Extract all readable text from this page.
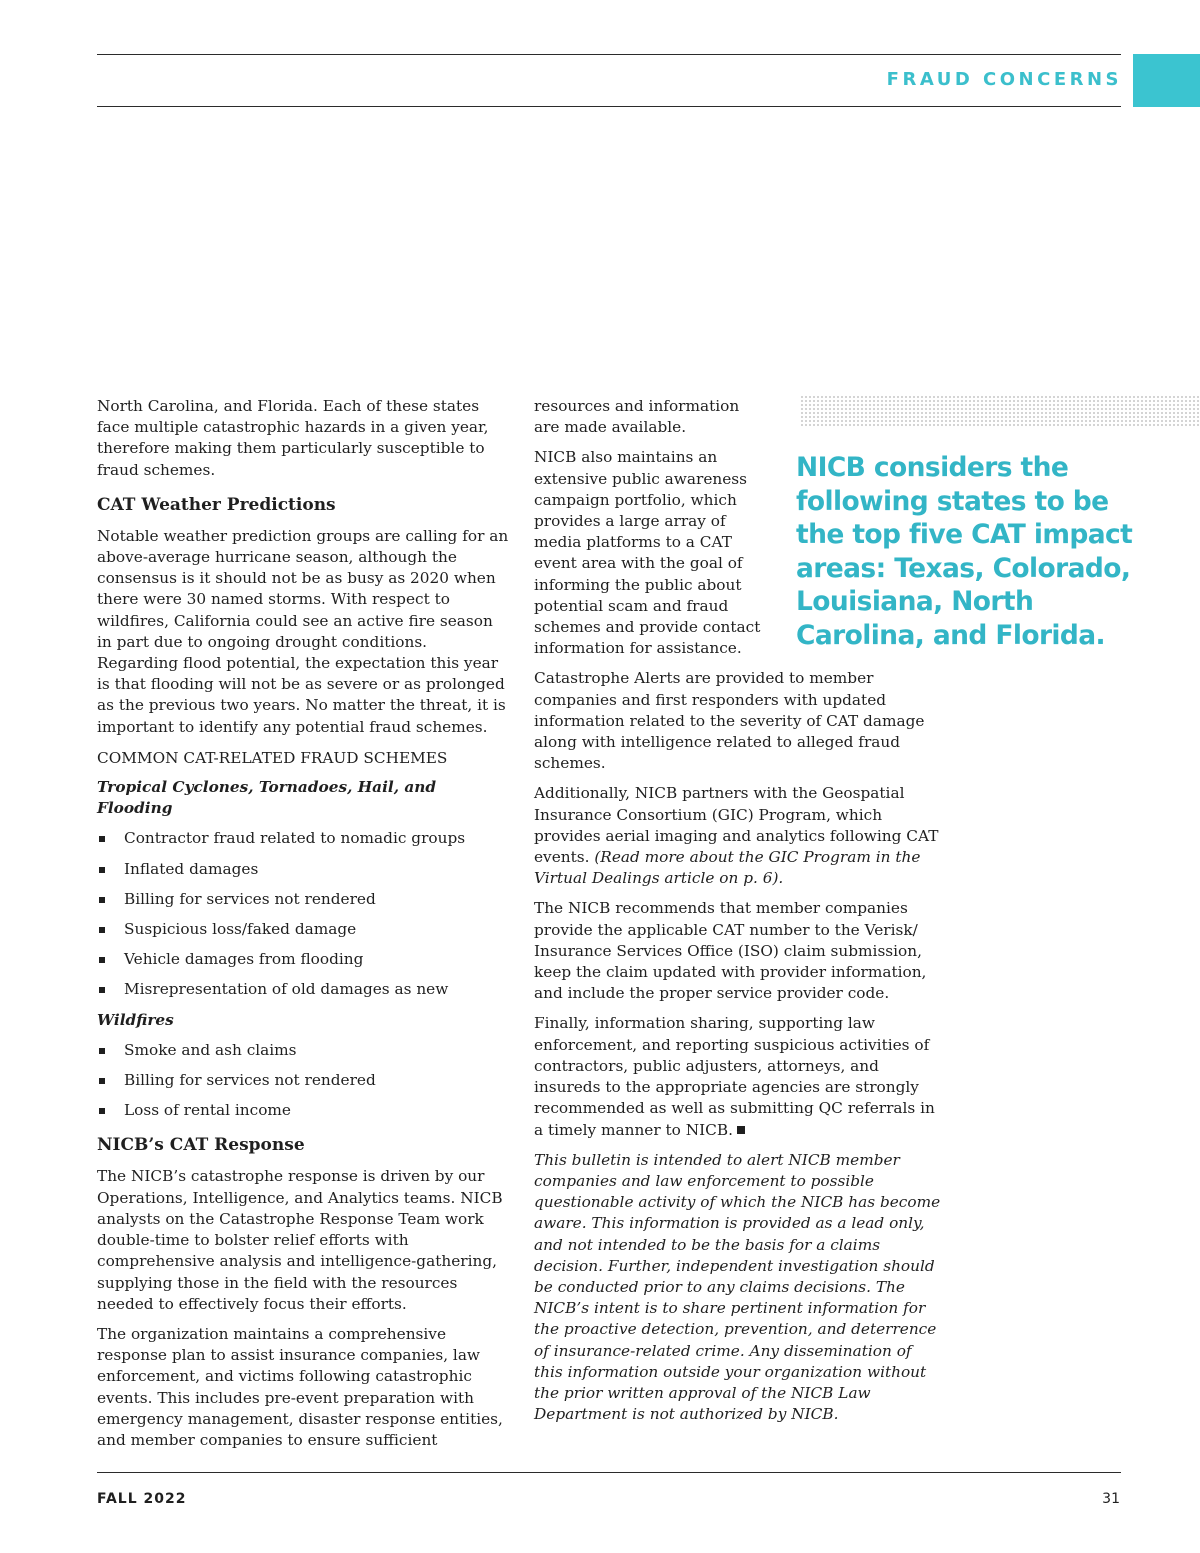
FRAUD CONCERNS

North Carolina, and Florida. Each of these states face multiple catastrophic hazards in a given year, therefore making them particularly susceptible to fraud schemes.

CAT Weather Predictions

Notable weather prediction groups are calling for an above-average hurricane season, although the consensus is it should not be as busy as 2020 when there were 30 named storms. With respect to wildfires, California could see an active fire season in part due to ongoing drought conditions. Regarding flood potential, the expectation this year is that flooding will not be as severe or as prolonged as the previous two years. No matter the threat, it is important to identify any potential fraud schemes.

COMMON CAT-RELATED FRAUD SCHEMES

Tropical Cyclones, Tornadoes, Hail, and Flooding

Contractor fraud related to nomadic groups
Inflated damages
Billing for services not rendered
Suspicious loss/faked damage
Vehicle damages from flooding
Misrepresentation of old damages as new

Wildfires

Smoke and ash claims
Billing for services not rendered
Loss of rental income
NICB’s CAT Response

The NICB’s catastrophe response is driven by our Operations, Intelligence, and Analytics teams. NICB analysts on the Catastrophe Response Team work double-time to bolster relief efforts with comprehensive analysis and intelligence-gathering, supplying those in the field with the resources needed to effectively focus their efforts.

The organization maintains a comprehensive response plan to assist insurance companies, law enforcement, and victims following catastrophic events. This includes pre-event preparation with emergency management, disaster response entities, and member companies to ensure sufficient

resources and information are made available.

NICB also maintains an extensive public awareness campaign portfolio, which provides a large array of media platforms to a CAT event area with the goal of informing the public about potential scam and fraud schemes and provide contact information for assistance.

Catastrophe Alerts are provided to member companies and first responders with updated information related to the severity of CAT damage along with intelligence related to alleged fraud schemes.

Additionally, NICB partners with the Geospatial Insurance Consortium (GIC) Program, which provides aerial imaging and analytics following CAT events. (Read more about the GIC Program in the Virtual Dealings article on p. 6).

The NICB recommends that member companies provide the applicable CAT number to the Verisk/ Insurance Services Office (ISO) claim submission, keep the claim updated with provider information, and include the proper service provider code.

Finally, information sharing, supporting law enforcement, and reporting suspicious activities of contractors, public adjusters, attorneys, and insureds to the appropriate agencies are strongly recommended as well as submitting QC referrals in a timely manner to NICB.

This bulletin is intended to alert NICB member companies and law enforcement to possible questionable activity of which the NICB has become aware. This information is provided as a lead only, and not intended to be the basis for a claims decision. Further, independent investigation should be conducted prior to any claims decisions. The NICB’s intent is to share pertinent information for the proactive detection, prevention, and deterrence of insurance-related crime. Any dissemination of this information outside your organization without the prior written approval of the NICB Law Department is not authorized by NICB.

NICB considers the following states to be the top five CAT impact areas: Texas, Colorado, Louisiana, North Carolina, and Florida.
FALL 2022	31
